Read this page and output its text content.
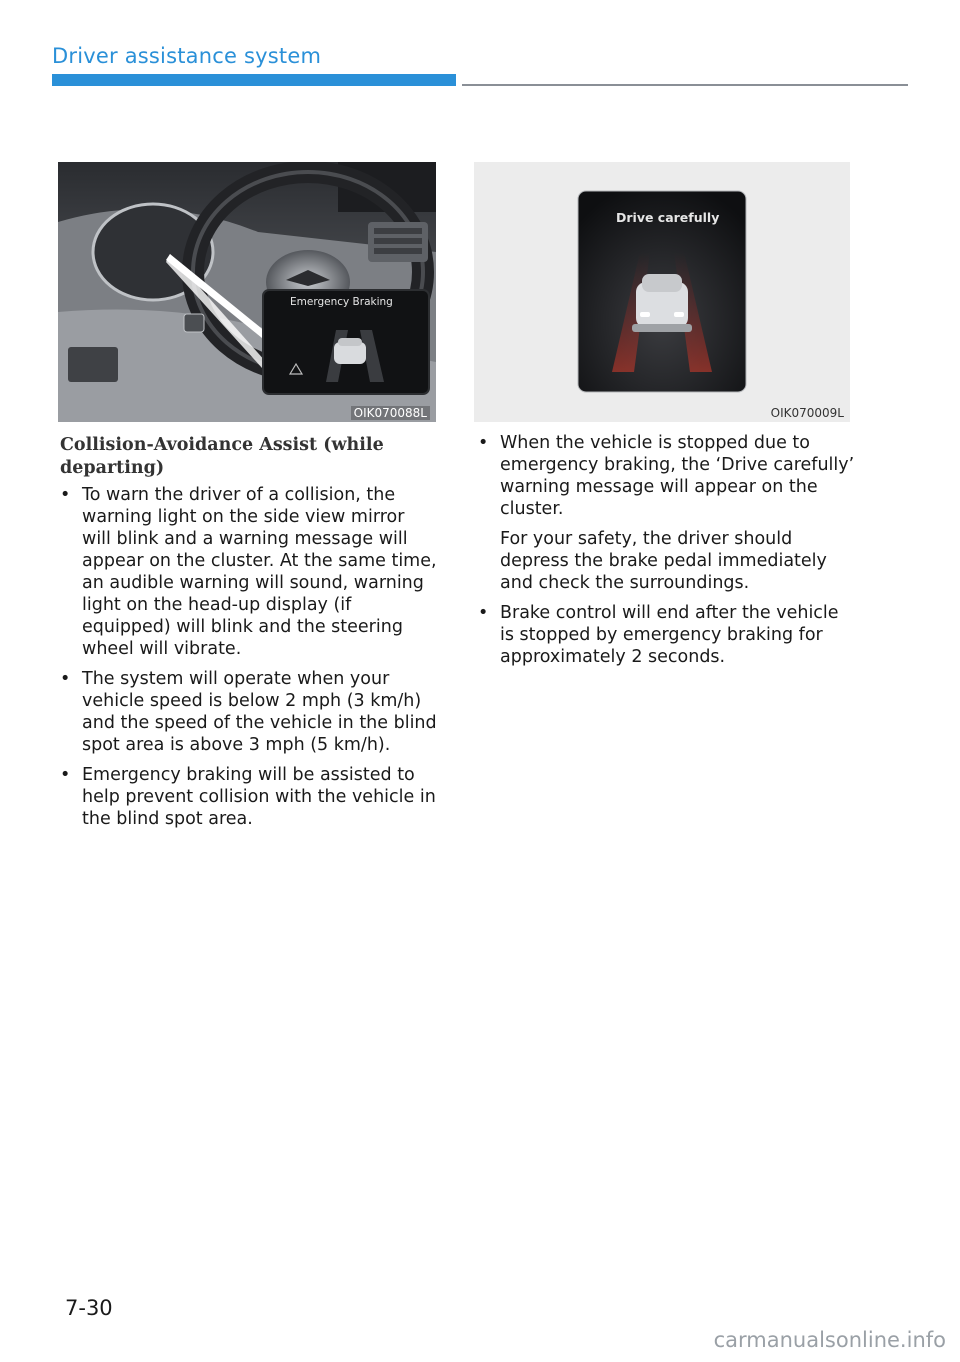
Driver assistance system
Emergency Braking
OIK070088L
Drive carefully
OIK070009L
Collision-Avoidance Assist (while departing)
• To warn the driver of a collision, the warning light on the side view mirror will blink and a warning message will appear on the cluster. At the same time, an audible warning will sound, warning light on the head-up display (if equipped) will blink and the steering wheel will vibrate.
• The system will operate when your vehicle speed is below 2 mph (3 km/h) and the speed of the vehicle in the blind spot area is above 3 mph (5 km/h).
• Emergency braking will be assisted to help prevent collision with the vehicle in the blind spot area.
• When the vehicle is stopped due to emergency braking, the ‘Drive carefully’ warning message will appear on the cluster.

For your safety, the driver should depress the brake pedal immediately and check the surroundings.

• Brake control will end after the vehicle is stopped by emergency braking for approximately 2 seconds.
7-30
carmanualsonline.info
